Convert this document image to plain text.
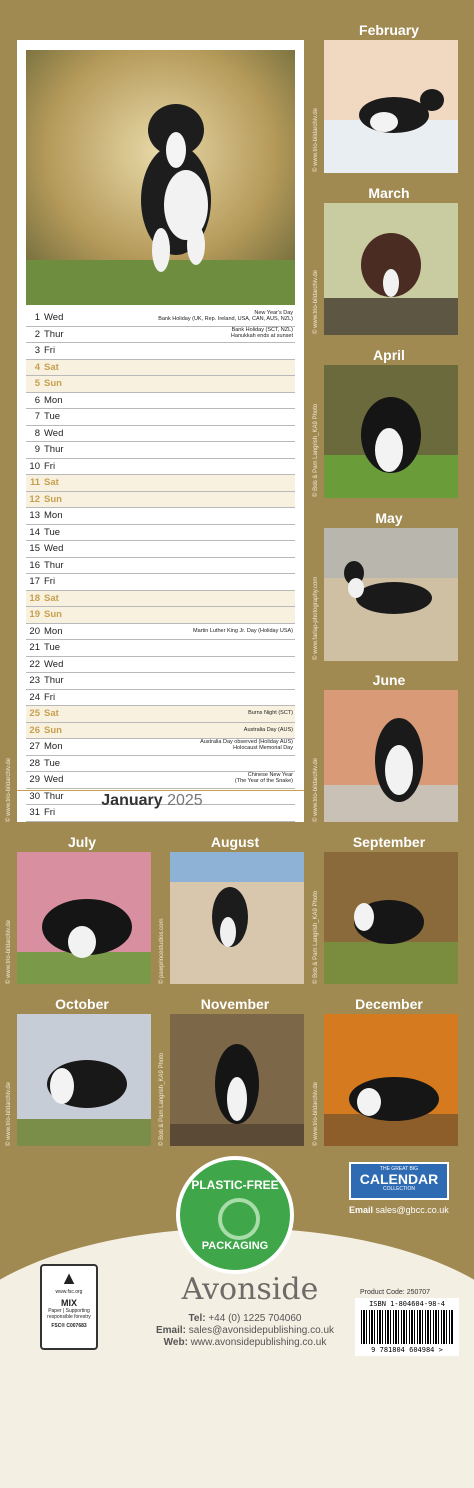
1 Wed	New Year's Day
Bank Holiday (UK, Rep. Ireland, USA, CAN, AUS, NZL)
2 Thur	Bank Holiday (SCT, NZL)
Hanukkah ends at sunset
3 Fri
4 Sat
5 Sun
6 Mon
7 Tue
8 Wed
9 Thur
10 Fri
11 Sat
12 Sun
13 Mon
14 Tue
15 Wed
16 Thur
17 Fri
18 Sat
19 Sun
20 Mon	Martin Luther King Jr. Day (Holiday USA)
21 Tue
22 Wed
23 Thur
24 Fri
25 Sat	Burns Night (SCT)
26 Sun	Australia Day (AUS)
27 Mon	Australia Day observed (Holiday AUS)
Holocaust Memorial Day
28 Tue
29 Wed	Chinese New Year
(The Year of the Snake)
30 Thur
31 Fri
January 2025
© www.trio-bildarchiv.de
February
© www.trio-bildarchiv.de
March
© www.trio-bildarchiv.de
April
© Bob & Pam Langrish_KA9 Photo
May
© www.farlap-photography.com
June
© www.trio-bildarchiv.de
July
© www.trio-bildarchiv.de
August
© pawprincestudios.com
September
© Bob & Pam Langrish_KA9 Photo
October
© www.trio-bildarchiv.de
November
© Bob & Pam Langrish_KA9 Photo
December
© www.trio-bildarchiv.de
PLASTIC-FREE
PACKAGING
THE GREAT BIG
CALENDAR
COLLECTION
Email sales@gbcc.co.uk
▲
www.fsc.org
MIX
Paper | Supporting responsible forestry
FSC® C007683
Avonside
Tel: +44 (0) 1225 704060
Email: sales@avonsidepublishing.co.uk
Web: www.avonsidepublishing.co.uk
Product Code: 250707
ISBN 1-804604-98-4
9 781804 604984 >
